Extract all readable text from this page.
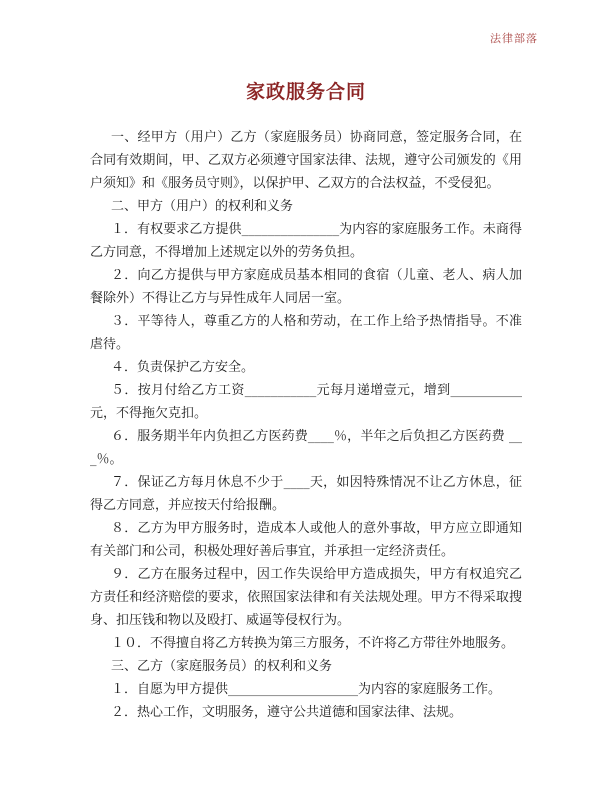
法律部落
家政服务合同

一、经甲方（用户）乙方（家庭服务员）协商同意，签定服务合同，在合同有效期间，甲、乙双方必须遵守国家法律、法规，遵守公司颁发的《用户须知》和《服务员守则》，以保护甲、乙双方的合法权益，不受侵犯。

二、甲方（用户）的权利和义务

１．有权要求乙方提供_______________为内容的家庭服务工作。未商得乙方同意，不得增加上述规定以外的劳务负担。

２．向乙方提供与甲方家庭成员基本相同的食宿（儿童、老人、病人加餐除外）不得让乙方与异性成年人同居一室。

３．平等待人，尊重乙方的人格和劳动，在工作上给予热情指导。不准虐待。

４．负责保护乙方安全。

５．按月付给乙方工资___________元每月递增壹元，增到___________元，不得拖欠克扣。

６．服务期半年内负担乙方医药费____％，半年之后负担乙方医药费 ___％。

７．保证乙方每月休息不少于____天，如因特殊情况不让乙方休息，征得乙方同意，并应按天付给报酬。

８．乙方为甲方服务时，造成本人或他人的意外事故，甲方应立即通知有关部门和公司，积极处理好善后事宜，并承担一定经济责任。

９．乙方在服务过程中，因工作失误给甲方造成损失，甲方有权追究乙方责任和经济赔偿的要求，依照国家法律和有关法规处理。甲方不得采取搜身、扣压钱和物以及殴打、威逼等侵权行为。

１０．不得擅自将乙方转换为第三方服务，不许将乙方带往外地服务。

三、乙方（家庭服务员）的权利和义务

１．自愿为甲方提供____________________为内容的家庭服务工作。

２．热心工作，文明服务，遵守公共道德和国家法律、法规。
